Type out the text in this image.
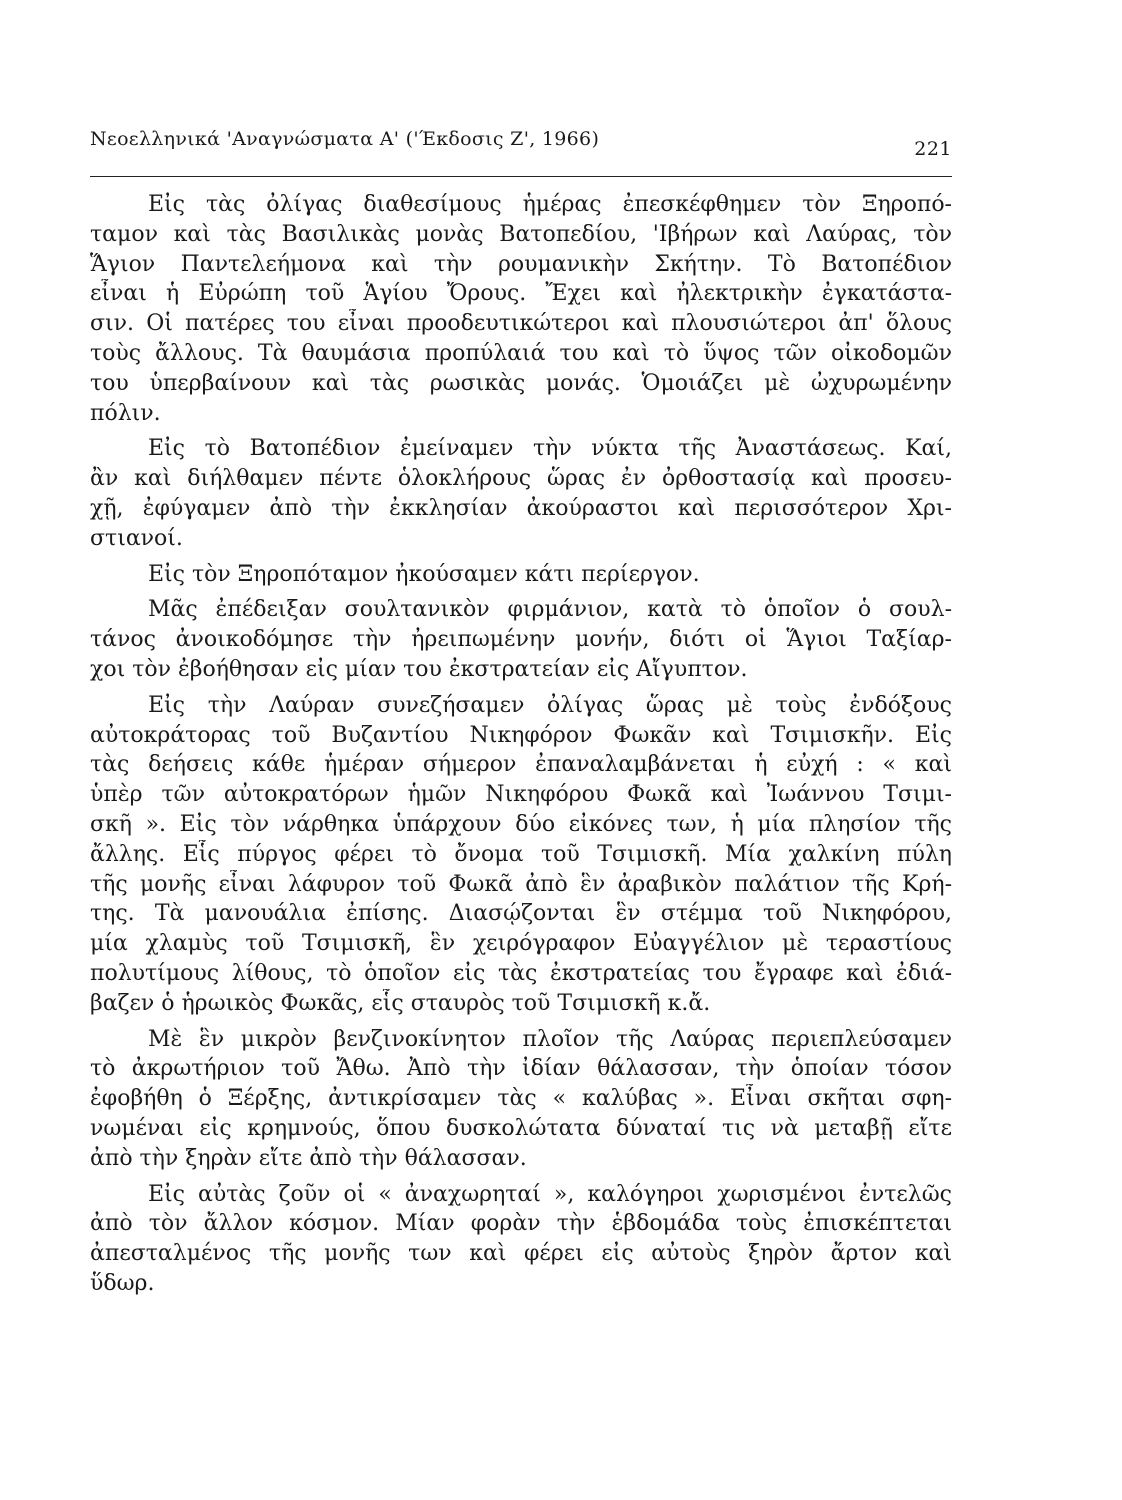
Νεοελληνικά 'Αναγνώσματα Α' ('Έκδοσις Ζ', 1966)	221
Εἰς τὰς ὀλίγας διαθεσίμους ἡμέρας ἐπεσκέφθημεν τὸν Ξηροπό-
ταμον καὶ τὰς Βασιλικὰς μονὰς Βατοπεδίου, 'Ιβήρων καὶ Λαύρας, τὸν
Ἅγιον Παντελεήμονα καὶ τὴν ρουμανικὴν Σκήτην. Τὸ Βατοπέδιον
εἶναι ἡ Εὐρώπη τοῦ Ἁγίου Ὄρους. Ἔχει καὶ ἠλεκτρικὴν ἐγκατάστα-
σιν. Οἱ πατέρες του εἶναι προοδευτικώτεροι καὶ πλουσιώτεροι ἀπ' ὅλους
τοὺς ἄλλους. Τὰ θαυμάσια προπύλαιά του καὶ τὸ ὕψος τῶν οἰκοδομῶν
του ὑπερβαίνουν καὶ τὰς ρωσικὰς μονάς. Ὁμοιάζει μὲ ὠχυρωμένην
πόλιν.
Εἰς τὸ Βατοπέδιον ἐμείναμεν τὴν νύκτα τῆς Ἀναστάσεως. Καί,
ἂν καὶ διήλθαμεν πέντε ὁλοκλήρους ὥρας ἐν ὀρθοστασίᾳ καὶ προσευ-
χῇ, ἐφύγαμεν ἀπὸ τὴν ἐκκλησίαν ἀκούραστοι καὶ περισσότερον Χρι-
στιανοί.
Εἰς τὸν Ξηροπόταμον ἠκούσαμεν κάτι περίεργον.
Μᾶς ἐπέδειξαν σουλτανικὸν φιρμάνιον, κατὰ τὸ ὁποῖον ὁ σουλ-
τάνος ἀνοικοδόμησε τὴν ἠρειπωμένην μονήν, διότι οἱ Ἅγιοι Ταξίαρ-
χοι τὸν ἐβοήθησαν εἰς μίαν του ἐκστρατείαν εἰς Αἴγυπτον.
Εἰς τὴν Λαύραν συνεζήσαμεν ὀλίγας ὥρας μὲ τοὺς ἐνδόξους
αὐτοκράτορας τοῦ Βυζαντίου Νικηφόρον Φωκᾶν καὶ Τσιμισκῆν. Εἰς
τὰς δεήσεις κάθε ἡμέραν σήμερον ἐπαναλαμβάνεται ἡ εὐχή : « καὶ
ὑπὲρ τῶν αὐτοκρατόρων ἡμῶν Νικηφόρου Φωκᾶ καὶ Ἰωάννου Τσιμι-
σκῆ ». Εἰς τὸν νάρθηκα ὑπάρχουν δύο εἰκόνες των, ἡ μία πλησίον τῆς
ἄλλης. Εἷς πύργος φέρει τὸ ὄνομα τοῦ Τσιμισκῆ. Μία χαλκίνη πύλη
τῆς μονῆς εἶναι λάφυρον τοῦ Φωκᾶ ἀπὸ ἓν ἀραβικὸν παλάτιον τῆς Κρή-
της. Τὰ μανουάλια ἐπίσης. Διασῴζονται ἓν στέμμα τοῦ Νικηφόρου,
μία χλαμὺς τοῦ Τσιμισκῆ, ἓν χειρόγραφον Εὐαγγέλιον μὲ τεραστίους
πολυτίμους λίθους, τὸ ὁποῖον εἰς τὰς ἐκστρατείας του ἔγραφε καὶ ἐδιά-
βαζεν ὁ ἡρωικὸς Φωκᾶς, εἷς σταυρὸς τοῦ Τσιμισκῆ κ.ἄ.
Μὲ ἓν μικρὸν βενζινοκίνητον πλοῖον τῆς Λαύρας περιεπλεύσαμεν
τὸ ἀκρωτήριον τοῦ Ἄθω. Ἀπὸ τὴν ἰδίαν θάλασσαν, τὴν ὁποίαν τόσον
ἐφοβήθη ὁ Ξέρξης, ἀντικρίσαμεν τὰς « καλύβας ». Εἶναι σκῆται σφη-
νωμέναι εἰς κρημνούς, ὅπου δυσκολώτατα δύναταί τις νὰ μεταβῇ εἴτε
ἀπὸ τὴν ξηρὰν εἴτε ἀπὸ τὴν θάλασσαν.
Εἰς αὐτὰς ζοῦν οἱ « ἀναχωρηταί », καλόγηροι χωρισμένοι ἐντελῶς
ἀπὸ τὸν ἄλλον κόσμον. Μίαν φορὰν τὴν ἑβδομάδα τοὺς ἐπισκέπτεται
ἀπεσταλμένος τῆς μονῆς των καὶ φέρει εἰς αὐτοὺς ξηρὸν ἄρτον καὶ
ὕδωρ.
